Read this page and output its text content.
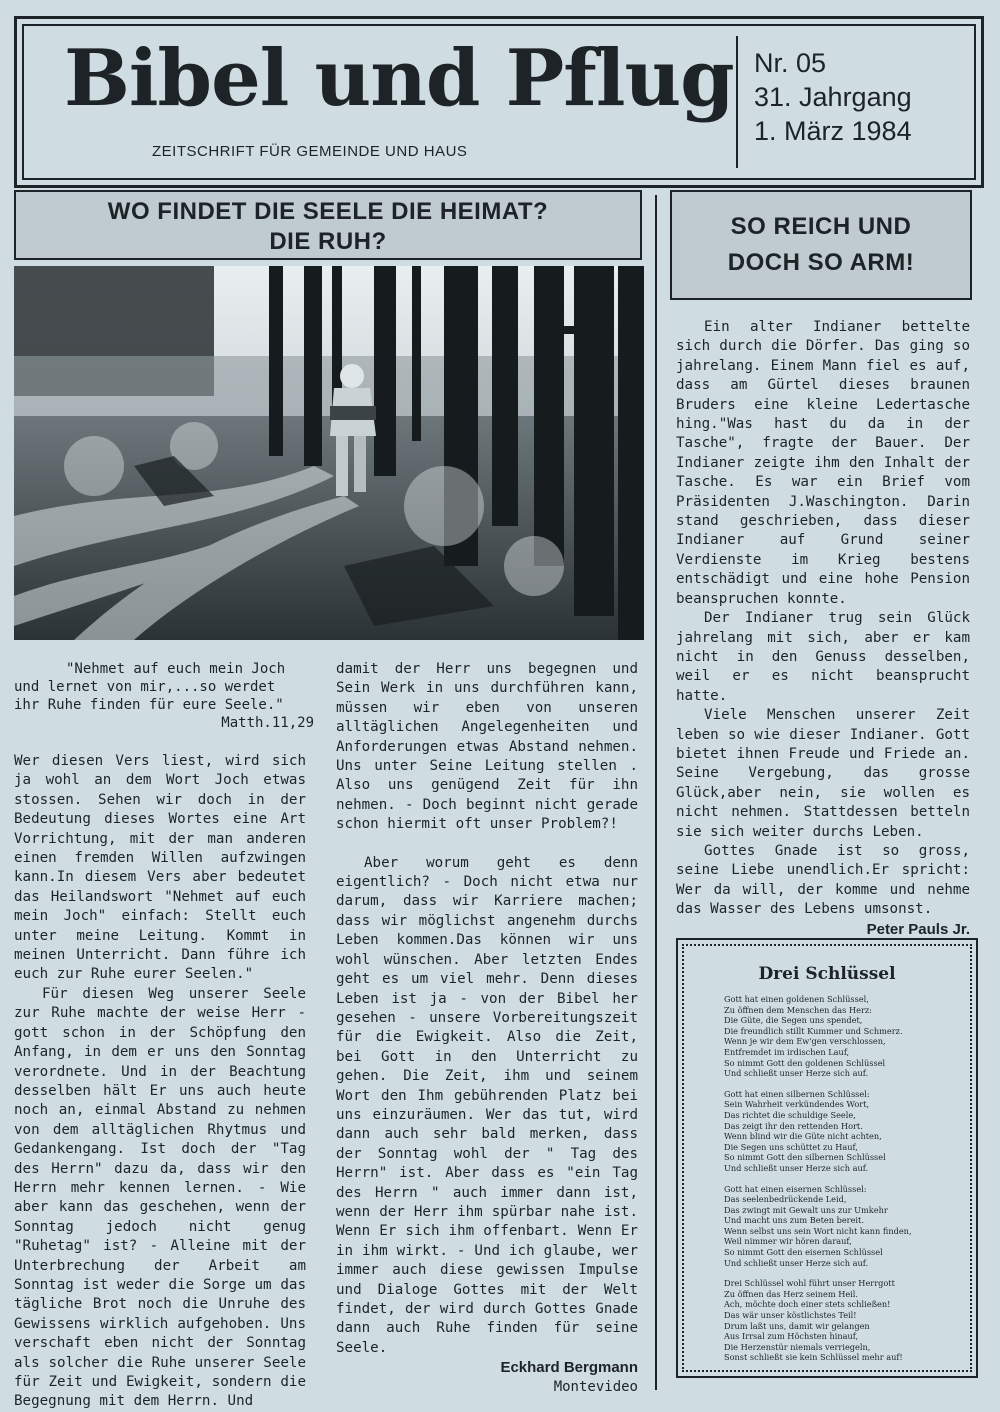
Bibel und Pflug
ZEITSCHRIFT FÜR GEMEINDE UND HAUS
Nr. 05
31. Jahrgang
1. März 1984
WO FINDET DIE SEELE DIE HEIMAT?
DIE RUH?
SO REICH UND
DOCH SO ARM!
"Nehmet auf euch mein Joch
und lernet von mir,...so werdet
ihr Ruhe finden für eure Seele."
Matth.11,29

Wer diesen Vers liest, wird sich ja wohl an dem Wort Joch etwas stossen. Sehen wir doch in der Bedeutung dieses Wortes eine Art Vorrichtung, mit der man anderen einen fremden Willen aufzwingen kann.In diesem Vers aber bedeutet das Heilandswort "Nehmet auf euch mein Joch" einfach: Stellt euch unter meine Leitung. Kommt in meinen Unterricht. Dann führe ich euch zur Ruhe eurer Seelen."

Für diesen Weg unserer Seele zur Ruhe machte der weise Herr - gott schon in der Schöpfung den Anfang, in dem er uns den Sonntag verordnete. Und in der Beachtung desselben hält Er uns auch heute noch an, einmal Abstand zu nehmen von dem alltäglichen Rhytmus und Gedankengang. Ist doch der "Tag des Herrn" dazu da, dass wir den Herrn mehr kennen lernen. - Wie aber kann das geschehen, wenn der Sonntag jedoch nicht genug "Ruhetag" ist? - Alleine mit der Unterbrechung der Arbeit am Sonntag ist weder die Sorge um das tägliche Brot noch die Unruhe des Gewissens wirklich aufgehoben. Uns verschaft eben nicht der Sonntag als solcher die Ruhe unserer Seele für Zeit und Ewigkeit, sondern die Begegnung mit dem Herrn. Und

damit der Herr uns begegnen und Sein Werk in uns durchführen kann, müssen wir eben von unseren alltäglichen Angelegenheiten und Anforderungen etwas Abstand nehmen. Uns unter Seine Leitung stellen . Also uns genügend Zeit für ihn nehmen. - Doch beginnt nicht gerade schon hiermit oft unser Problem?!

Aber worum geht es denn eigentlich? - Doch nicht etwa nur darum, dass wir Karriere machen; dass wir möglichst angenehm durchs Leben kommen.Das können wir uns wohl wünschen. Aber letzten Endes geht es um viel mehr. Denn dieses Leben ist ja - von der Bibel her gesehen - unsere Vorbereitungszeit für die Ewigkeit. Also die Zeit, bei Gott in den Unterricht zu gehen. Die Zeit, ihm und seinem Wort den Ihm gebührenden Platz bei uns einzuräumen. Wer das tut, wird dann auch sehr bald merken, dass der Sonntag wohl der " Tag des Herrn" ist. Aber dass es "ein Tag des Herrn " auch immer dann ist, wenn der Herr ihm spürbar nahe ist. Wenn Er sich ihm offenbart. Wenn Er in ihm wirkt. - Und ich glaube, wer immer auch diese gewissen Impulse und Dialoge Gottes mit der Welt findet, der wird durch Gottes Gnade dann auch Ruhe finden für seine Seele.

Eckhard Bergmann
Montevideo

Ein alter Indianer bettelte sich durch die Dörfer. Das ging so jahrelang. Einem Mann fiel es auf, dass am Gürtel dieses braunen Bruders eine kleine Ledertasche hing."Was hast du da in der Tasche", fragte der Bauer. Der Indianer zeigte ihm den Inhalt der Tasche. Es war ein Brief vom Präsidenten J.Waschington. Darin stand geschrieben, dass dieser Indianer auf Grund seiner Verdienste im Krieg bestens entschädigt und eine hohe Pension beanspruchen konnte.

Der Indianer trug sein Glück jahrelang mit sich, aber er kam nicht in den Genuss desselben, weil er es nicht beansprucht hatte.

Viele Menschen unserer Zeit leben so wie dieser Indianer. Gott bietet ihnen Freude und Friede an. Seine Vergebung, das grosse Glück,aber nein, sie wollen es nicht nehmen. Stattdessen betteln sie sich weiter durchs Leben.

Gottes Gnade ist so gross, seine Liebe unendlich.Er spricht: Wer da will, der komme und nehme das Wasser des Lebens umsonst.

Peter Pauls Jr.
Drei Schlüssel
Gott hat einen goldenen Schlüssel,
Zu öffnen dem Menschen das Herz:
Die Güte, die Segen uns spendet,
Die freundlich stillt Kummer und Schmerz.
Wenn je wir dem Ew'gen verschlossen,
Entfremdet im irdischen Lauf,
So nimmt Gott den goldenen Schlüssel
Und schließt unser Herze sich auf.
Gott hat einen silbernen Schlüssel:
Sein Wahrheit verkündendes Wort,
Das richtet die schuldige Seele,
Das zeigt ihr den rettenden Hort.
Wenn blind wir die Güte nicht achten,
Die Segen uns schüttet zu Hauf,
So nimmt Gott den silbernen Schlüssel
Und schließt unser Herze sich auf.
Gott hat einen eisernen Schlüssel:
Das seelenbedrückende Leid,
Das zwingt mit Gewalt uns zur Umkehr
Und macht uns zum Beten bereit.
Wenn selbst uns sein Wort nicht kann finden,
Weil nimmer wir hören darauf,
So nimmt Gott den eisernen Schlüssel
Und schließt unser Herze sich auf.
Drei Schlüssel wohl führt unser Herrgott
Zu öffnen das Herz seinem Heil.
Ach, möchte doch einer stets schließen!
Das wär unser köstlichstes Teil!
Drum laßt uns, damit wir gelangen
Aus Irrsal zum Höchsten hinauf,
Die Herzenstür niemals verriegeln,
Sonst schließt sie kein Schlüssel mehr auf!
